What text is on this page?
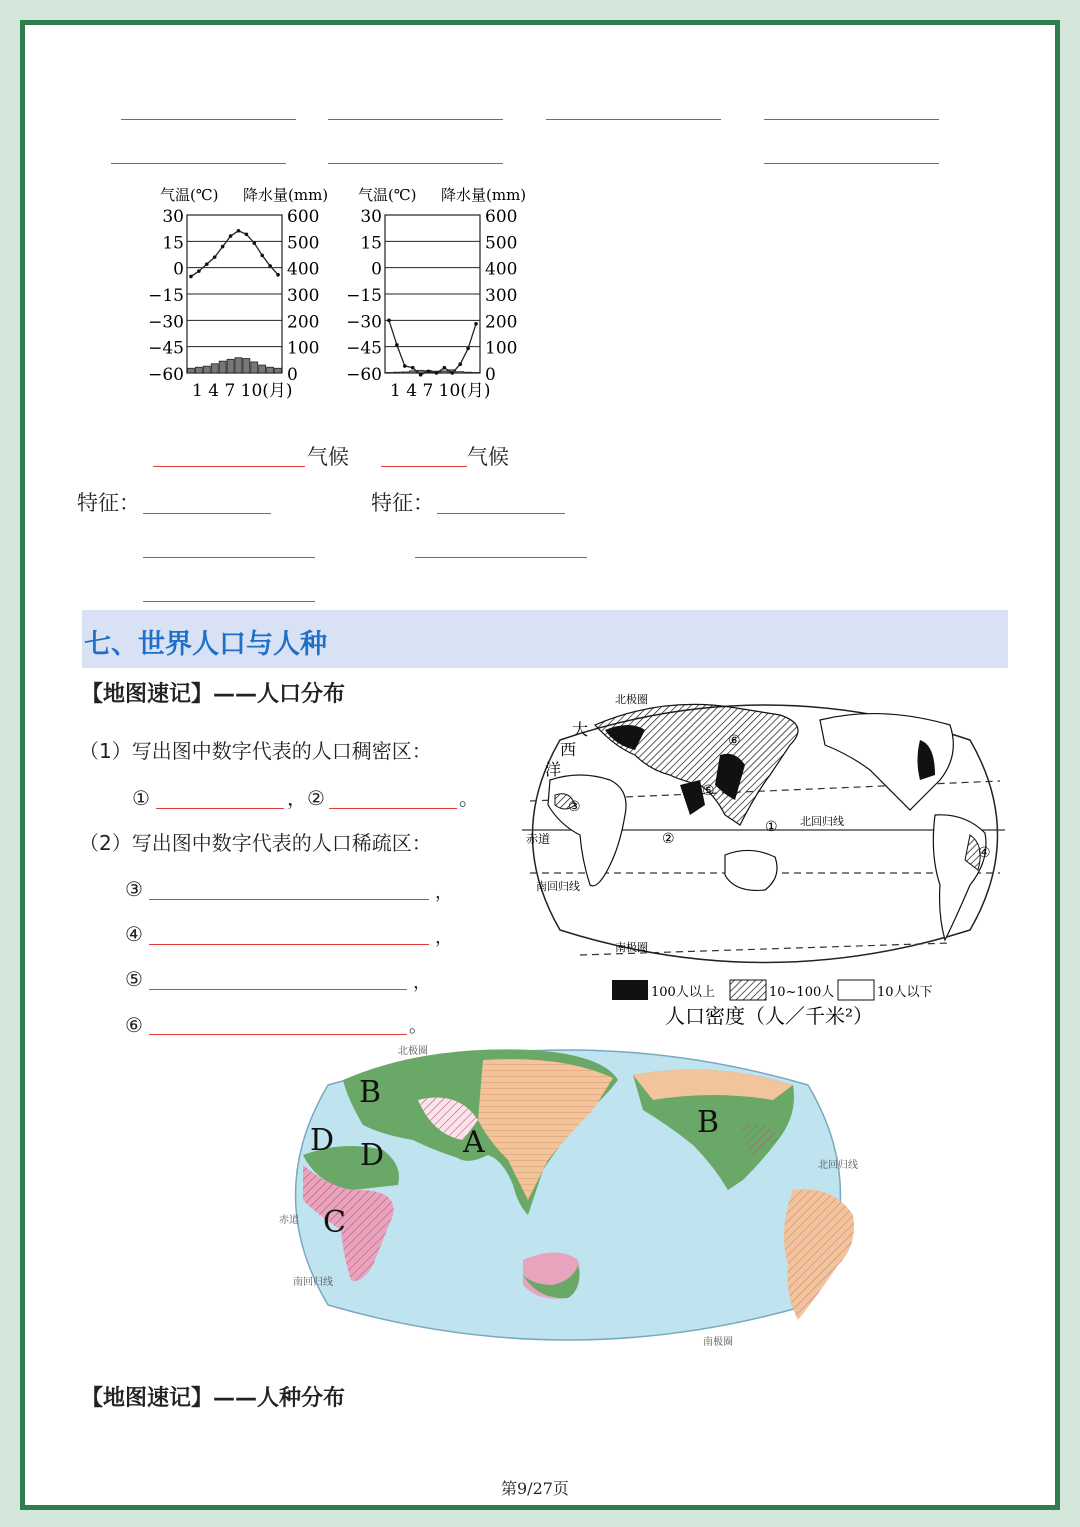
气温(℃) 降水量(mm)
30	600
15	500
0	400
−15	300
−30	200
−45	100
−60	0
1 4 7 10(月)
气温(℃) 降水量(mm)
30	600
15	500
0	400
−15	300
−30	200
−45	100
−60	0
1 4 7 10(月)
气候	气候
特征：	特征：
七、世界人口与人种
【地图速记】——人口分布
（1）写出图中数字代表的人口稠密区：
①	，②	。
（2）写出图中数字代表的人口稀疏区：
③	，
④	，
⑤	，
⑥	。
北极圈
大
西
洋
北回归线
赤道
南回归线
南极圈
①
②
③
④
⑤
⑥
100人以上	10~100人	10人以下
人口密度（人／千米²）
北极圈
北回归线
赤道
南回归线
南极圈
B
B
A
D D
C
【地图速记】——人种分布
第9/27页
